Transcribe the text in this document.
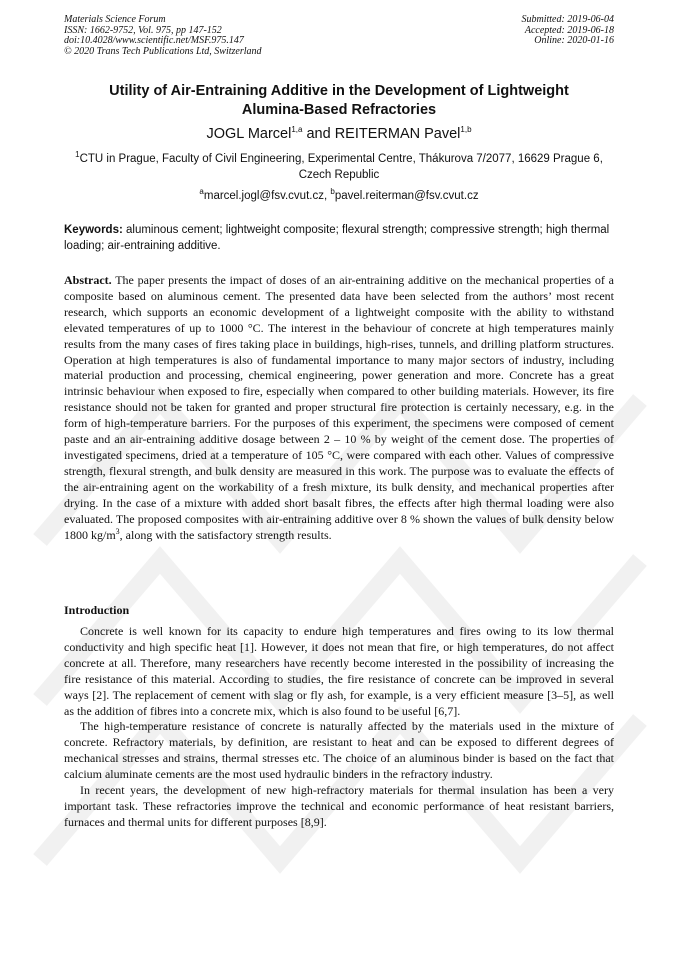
Materials Science Forum
ISSN: 1662-9752, Vol. 975, pp 147-152
doi:10.4028/www.scientific.net/MSF.975.147
© 2020 Trans Tech Publications Ltd, Switzerland
Submitted: 2019-06-04
Accepted: 2019-06-18
Online: 2020-01-16
Utility of Air-Entraining Additive in the Development of Lightweight
Alumina-Based Refractories
JOGL Marcel$^{1,a}$ and REITERMAN Pavel$^{1,b}$
$^1$CTU in Prague, Faculty of Civil Engineering, Experimental Centre, Thákurova 7/2077, 16629 Prague 6, Czech Republic
$^a$marcel.jogl@fsv.cvut.cz, $^b$pavel.reiterman@fsv.cvut.cz
Keywords: aluminous cement; lightweight composite; flexural strength; compressive strength; high thermal loading; air-entraining additive.
Abstract. The paper presents the impact of doses of an air-entraining additive on the mechanical properties of a composite based on aluminous cement. The presented data have been selected from the authors’ most recent research, which supports an economic development of a lightweight composite with the ability to withstand elevated temperatures of up to 1000 °C. The interest in the behaviour of concrete at high temperatures mainly results from the many cases of fires taking place in buildings, high-rises, tunnels, and drilling platform structures. Operation at high temperatures is also of fundamental importance to many major sectors of industry, including material production and processing, chemical engineering, power generation and more. Concrete has a great intrinsic behaviour when exposed to fire, especially when compared to other building materials. However, its fire resistance should not be taken for granted and proper structural fire protection is certainly necessary, e.g. in the form of high-temperature barriers. For the purposes of this experiment, the specimens were composed of cement paste and an air-entraining additive dosage between 2 – 10 % by weight of the cement dose. The properties of investigated specimens, dried at a temperature of 105 °C, were compared with each other. Values of compressive strength, flexural strength, and bulk density are measured in this work. The purpose was to evaluate the effects of the air-entraining agent on the workability of a fresh mixture, its bulk density, and mechanical properties after drying. In the case of a mixture with added short basalt fibres, the effects after high thermal loading were also evaluated. The proposed composites with air-entraining additive over 8 % shown the values of bulk density below 1800 $kg/m^3$, along with the satisfactory strength results.
Introduction

Concrete is well known for its capacity to endure high temperatures and fires owing to its low thermal conductivity and high specific heat [1]. However, it does not mean that fire, or high temperatures, do not affect concrete at all. Therefore, many researchers have recently become interested in the possibility of increasing the fire resistance of this material. According to studies, the fire resistance of concrete can be improved in several ways [2]. The replacement of cement with slag or fly ash, for example, is a very efficient measure [3–5], as well as the addition of fibres into a concrete mix, which is also found to be useful [6,7].

The high-temperature resistance of concrete is naturally affected by the materials used in the mixture of concrete. Refractory materials, by definition, are resistant to heat and can be exposed to different degrees of mechanical stresses and strains, thermal stresses etc. The choice of an aluminous binder is based on the fact that calcium aluminate cements are the most used hydraulic binders in the refractory industry.

In recent years, the development of new high-refractory materials for thermal insulation has been a very important task. These refractories improve the technical and economic performance of heat resistant barriers, furnaces and thermal units for different purposes [8,9].
